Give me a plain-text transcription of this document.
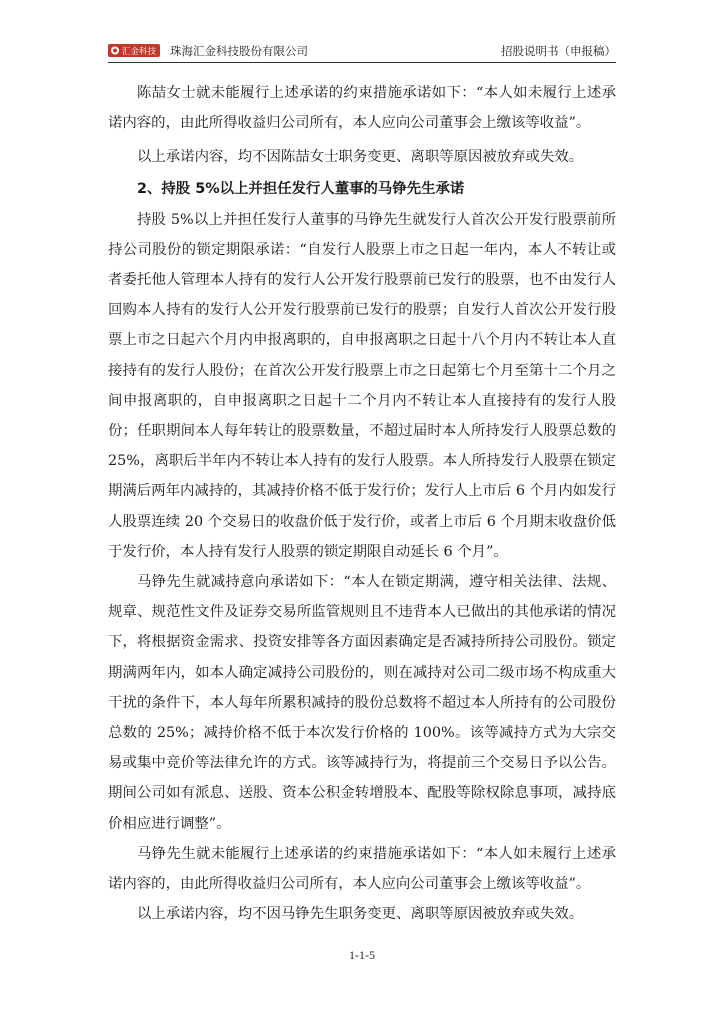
汇金科技 珠海汇金科技股份有限公司	招股说明书（申报稿）

陈喆女士就未能履行上述承诺的约束措施承诺如下：“本人如未履行上述承诺内容的，由此所得收益归公司所有，本人应向公司董事会上缴该等收益”。

以上承诺内容，均不因陈喆女士职务变更、离职等原因被放弃或失效。

2、持股 5%以上并担任发行人董事的马铮先生承诺

持股 5%以上并担任发行人董事的马铮先生就发行人首次公开发行股票前所持公司股份的锁定期限承诺：“自发行人股票上市之日起一年内，本人不转让或者委托他人管理本人持有的发行人公开发行股票前已发行的股票，也不由发行人回购本人持有的发行人公开发行股票前已发行的股票；自发行人首次公开发行股票上市之日起六个月内申报离职的，自申报离职之日起十八个月内不转让本人直接持有的发行人股份；在首次公开发行股票上市之日起第七个月至第十二个月之间申报离职的，自申报离职之日起十二个月内不转让本人直接持有的发行人股份；任职期间本人每年转让的股票数量，不超过届时本人所持发行人股票总数的25%，离职后半年内不转让本人持有的发行人股票。本人所持发行人股票在锁定期满后两年内减持的，其减持价格不低于发行价；发行人上市后 6 个月内如发行人股票连续 20 个交易日的收盘价低于发行价，或者上市后 6 个月期末收盘价低于发行价，本人持有发行人股票的锁定期限自动延长 6 个月”。

马铮先生就减持意向承诺如下：“本人在锁定期满，遵守相关法律、法规、规章、规范性文件及证券交易所监管规则且不违背本人已做出的其他承诺的情况下，将根据资金需求、投资安排等各方面因素确定是否减持所持公司股份。锁定期满两年内，如本人确定减持公司股份的，则在减持对公司二级市场不构成重大干扰的条件下，本人每年所累积减持的股份总数将不超过本人所持有的公司股份总数的 25%；减持价格不低于本次发行价格的 100%。该等减持方式为大宗交易或集中竞价等法律允许的方式。该等减持行为，将提前三个交易日予以公告。期间公司如有派息、送股、资本公积金转增股本、配股等除权除息事项，减持底价相应进行调整”。

马铮先生就未能履行上述承诺的约束措施承诺如下：“本人如未履行上述承诺内容的，由此所得收益归公司所有，本人应向公司董事会上缴该等收益”。

以上承诺内容，均不因马铮先生职务变更、离职等原因被放弃或失效。

1-1-5
